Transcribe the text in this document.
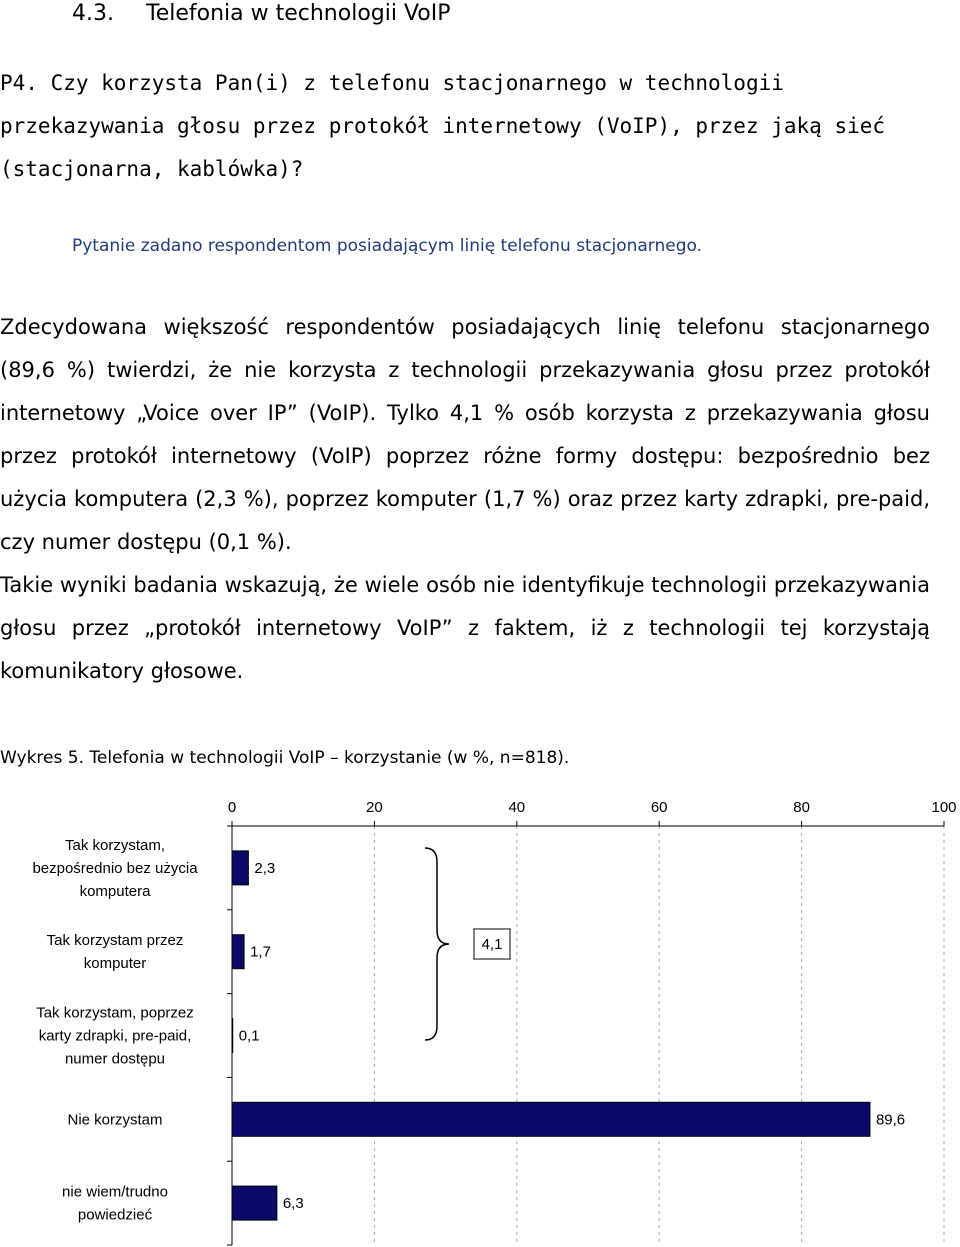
4.3. Telefonia w technologii VoIP
P4. Czy korzysta Pan(i) z telefonu stacjonarnego w technologii przekazywania głosu przez protokół internetowy (VoIP), przez jaką sieć (stacjonarna, kablówka)?
Pytanie zadano respondentom posiadającym linię telefonu stacjonarnego.

Zdecydowana większość respondentów posiadających linię telefonu stacjonarnego (89,6 %) twierdzi, że nie korzysta z technologii przekazywania głosu przez protokół internetowy „Voice over IP” (VoIP). Tylko 4,1 % osób korzysta z przekazywania głosu przez protokół internetowy (VoIP) poprzez różne formy dostępu: bezpośrednio bez użycia komputera (2,3 %), poprzez komputer (1,7 %) oraz przez karty zdrapki, pre-paid, czy numer dostępu (0,1 %).

Takie wyniki badania wskazują, że wiele osób nie identyfikuje technologii przekazywania głosu przez „protokół internetowy VoIP” z faktem, iż z technologii tej korzystają komunikatory głosowe.

Wykres 5. Telefonia w technologii VoIP – korzystanie (w %, n=818).
0	20	40	60	80	100
2,3
Tak korzystam,
bezpośrednio bez użycia
komputera
1,7
Tak korzystam przez
komputer
0,1
Tak korzystam, poprzez
karty zdrapki, pre-paid,
numer dostępu
89,6
Nie korzystam
6,3
nie wiem/trudno
powiedzieć
4,1
